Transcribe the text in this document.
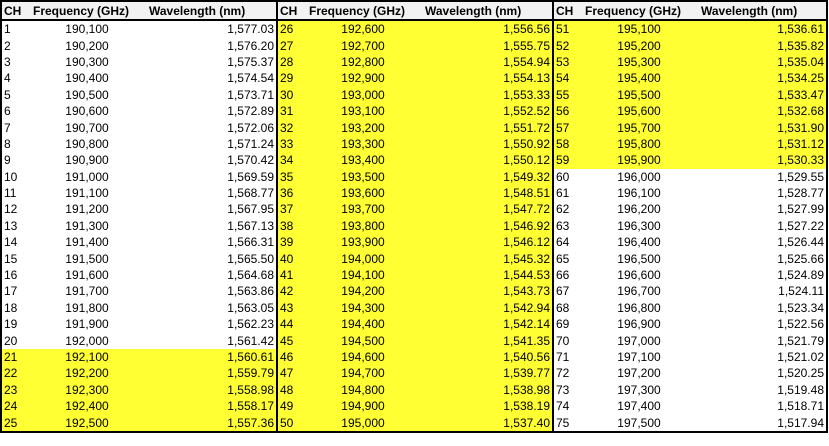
CH	Frequency (GHz)	Wavelength (nm)	CH	Frequency (GHz)	Wavelength (nm)	CH	Frequency (GHz)	Wavelength (nm)
1	190,100	1,577.03	26	192,600	1,556.56	51	195,100	1,536.61
2	190,200	1,576.20	27	192,700	1,555.75	52	195,200	1,535.82
3	190,300	1,575.37	28	192,800	1,554.94	53	195,300	1,535.04
4	190,400	1,574.54	29	192,900	1,554.13	54	195,400	1,534.25
5	190,500	1,573.71	30	193,000	1,553.33	55	195,500	1,533.47
6	190,600	1,572.89	31	193,100	1,552.52	56	195,600	1,532.68
7	190,700	1,572.06	32	193,200	1,551.72	57	195,700	1,531.90
8	190,800	1,571.24	33	193,300	1,550.92	58	195,800	1,531.12
9	190,900	1,570.42	34	193,400	1,550.12	59	195,900	1,530.33
10	191,000	1,569.59	35	193,500	1,549.32	60	196,000	1,529.55
11	191,100	1,568.77	36	193,600	1,548.51	61	196,100	1,528.77
12	191,200	1,567.95	37	193,700	1,547.72	62	196,200	1,527.99
13	191,300	1,567.13	38	193,800	1,546.92	63	196,300	1,527.22
14	191,400	1,566.31	39	193,900	1,546.12	64	196,400	1,526.44
15	191,500	1,565.50	40	194,000	1,545.32	65	196,500	1,525.66
16	191,600	1,564.68	41	194,100	1,544.53	66	196,600	1,524.89
17	191,700	1,563.86	42	194,200	1,543.73	67	196,700	1,524.11
18	191,800	1,563.05	43	194,300	1,542.94	68	196,800	1,523.34
19	191,900	1,562.23	44	194,400	1,542.14	69	196,900	1,522.56
20	192,000	1,561.42	45	194,500	1,541.35	70	197,000	1,521.79
21	192,100	1,560.61	46	194,600	1,540.56	71	197,100	1,521.02
22	192,200	1,559.79	47	194,700	1,539.77	72	197,200	1,520.25
23	192,300	1,558.98	48	194,800	1,538.98	73	197,300	1,519.48
24	192,400	1,558.17	49	194,900	1,538.19	74	197,400	1,518.71
25	192,500	1,557.36	50	195,000	1,537.40	75	197,500	1,517.94
